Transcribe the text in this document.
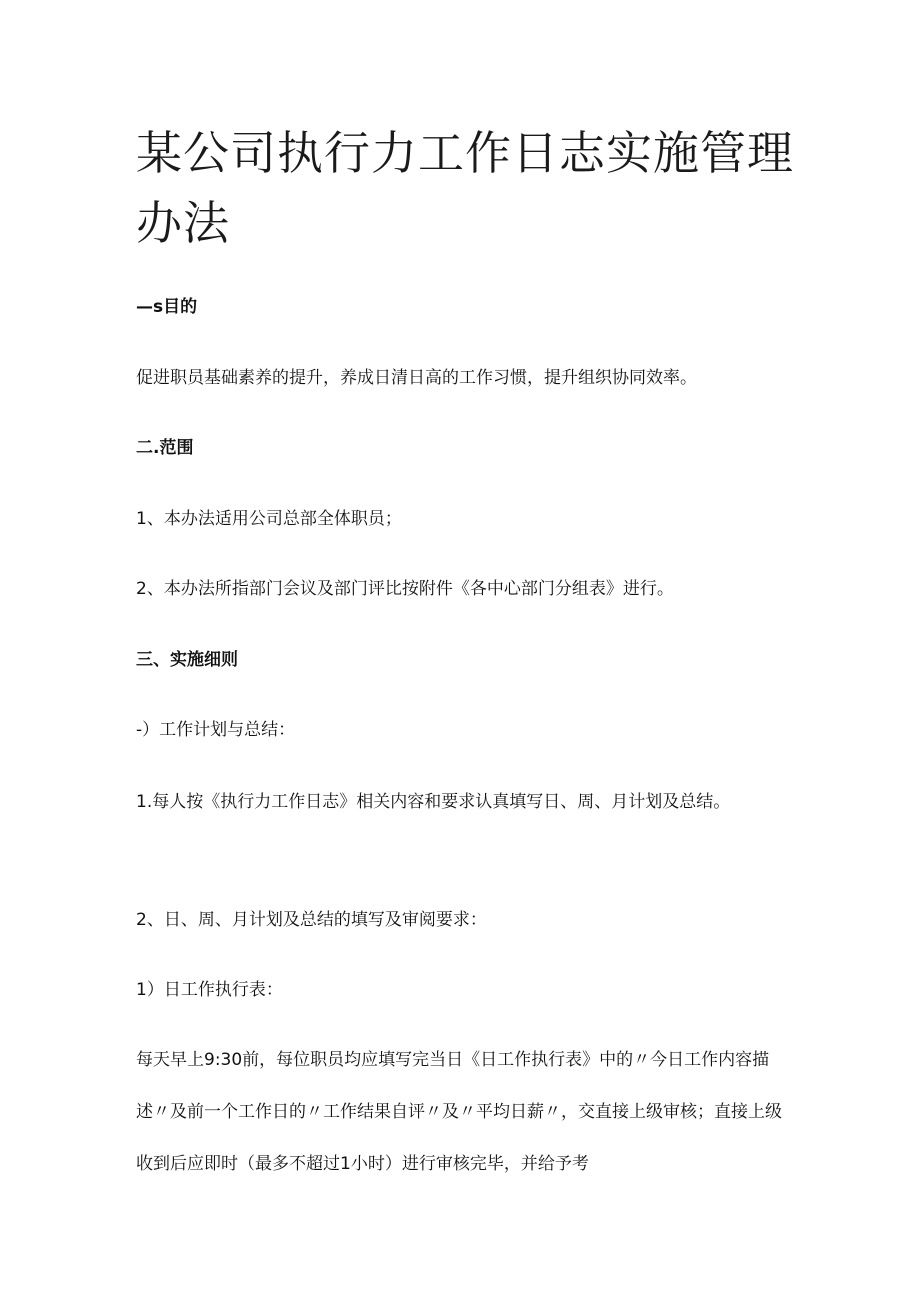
某公司执行力工作日志实施管理办法

—s目的

促进职员基础素养的提升，养成日清日高的工作习惯，提升组织协同效率。

二.范围

1、本办法适用公司总部全体职员；

2、本办法所指部门会议及部门评比按附件《各中心部门分组表》进行。

三、实施细则

-）工作计划与总结：

1.每人按《执行力工作日志》相关内容和要求认真填写日、周、月计划及总结。

2、日、周、月计划及总结的填写及审阅要求：

1）日工作执行表：

每天早上9:30前，每位职员均应填写完当日《日工作执行表》中的〃今日工作内容描述〃及前一个工作日的〃工作结果自评〃及〃平均日薪〃，交直接上级审核；直接上级收到后应即时（最多不超过1小时）进行审核完毕，并给予考
